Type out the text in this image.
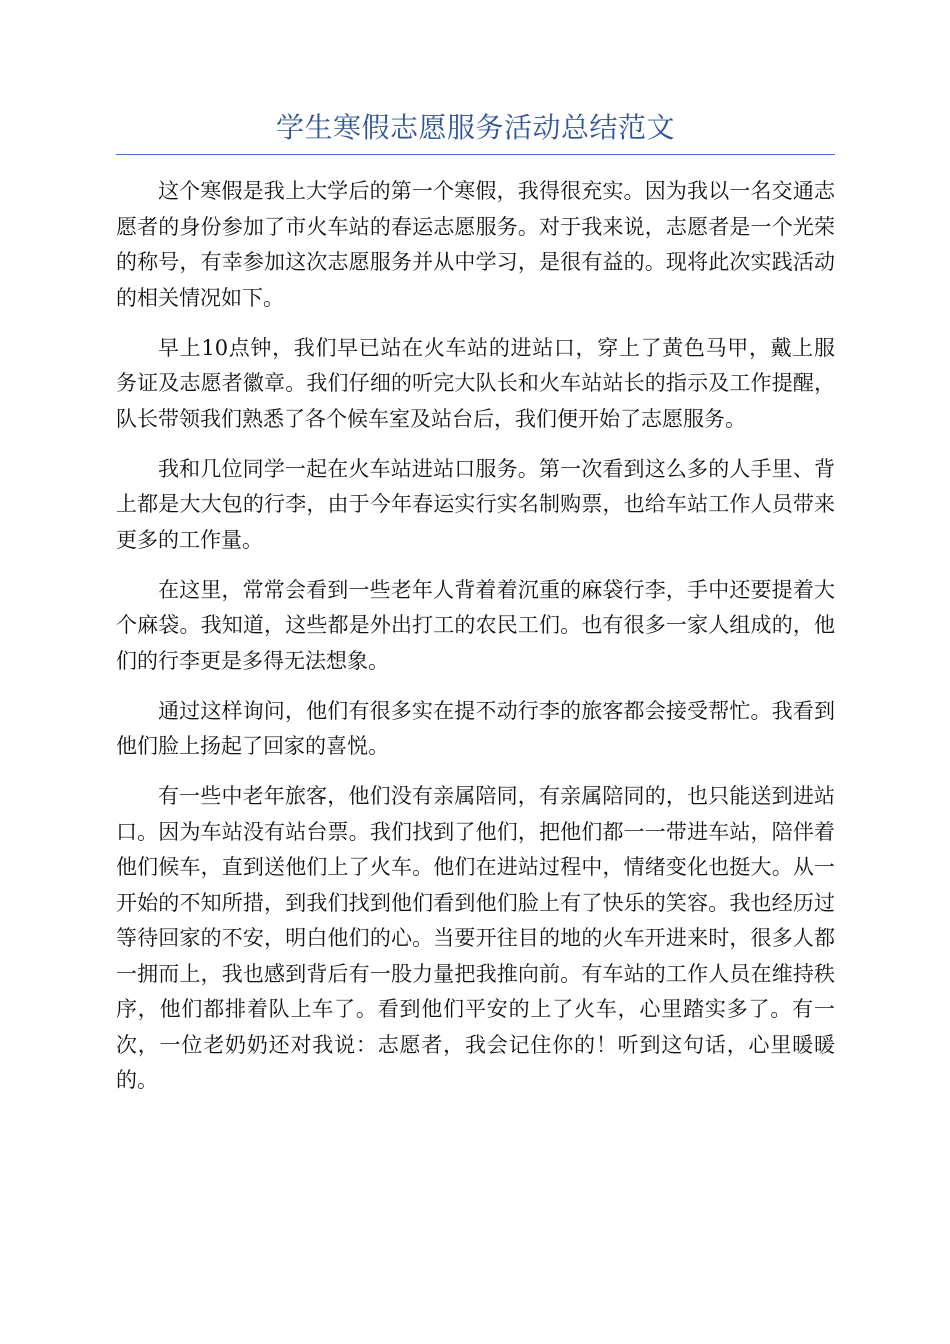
学生寒假志愿服务活动总结范文

这个寒假是我上大学后的第一个寒假，我得很充实。因为我以一名交通志愿者的身份参加了市火车站的春运志愿服务。对于我来说，志愿者是一个光荣的称号，有幸参加这次志愿服务并从中学习，是很有益的。现将此次实践活动的相关情况如下。

早上10点钟，我们早已站在火车站的进站口，穿上了黄色马甲，戴上服务证及志愿者徽章。我们仔细的听完大队长和火车站站长的指示及工作提醒，队长带领我们熟悉了各个候车室及站台后，我们便开始了志愿服务。

我和几位同学一起在火车站进站口服务。第一次看到这么多的人手里、背上都是大大包的行李，由于今年春运实行实名制购票，也给车站工作人员带来更多的工作量。

在这里，常常会看到一些老年人背着着沉重的麻袋行李，手中还要提着大个麻袋。我知道，这些都是外出打工的农民工们。也有很多一家人组成的，他们的行李更是多得无法想象。

通过这样询问，他们有很多实在提不动行李的旅客都会接受帮忙。我看到他们脸上扬起了回家的喜悦。

有一些中老年旅客，他们没有亲属陪同，有亲属陪同的，也只能送到进站口。因为车站没有站台票。我们找到了他们，把他们都一一带进车站，陪伴着他们候车，直到送他们上了火车。他们在进站过程中，情绪变化也挺大。从一开始的不知所措，到我们找到他们看到他们脸上有了快乐的笑容。我也经历过等待回家的不安，明白他们的心。当要开往目的地的火车开进来时，很多人都一拥而上，我也感到背后有一股力量把我推向前。有车站的工作人员在维持秩序，他们都排着队上车了。看到他们平安的上了火车，心里踏实多了。有一次，一位老奶奶还对我说：志愿者，我会记住你的！听到这句话，心里暖暖的。
